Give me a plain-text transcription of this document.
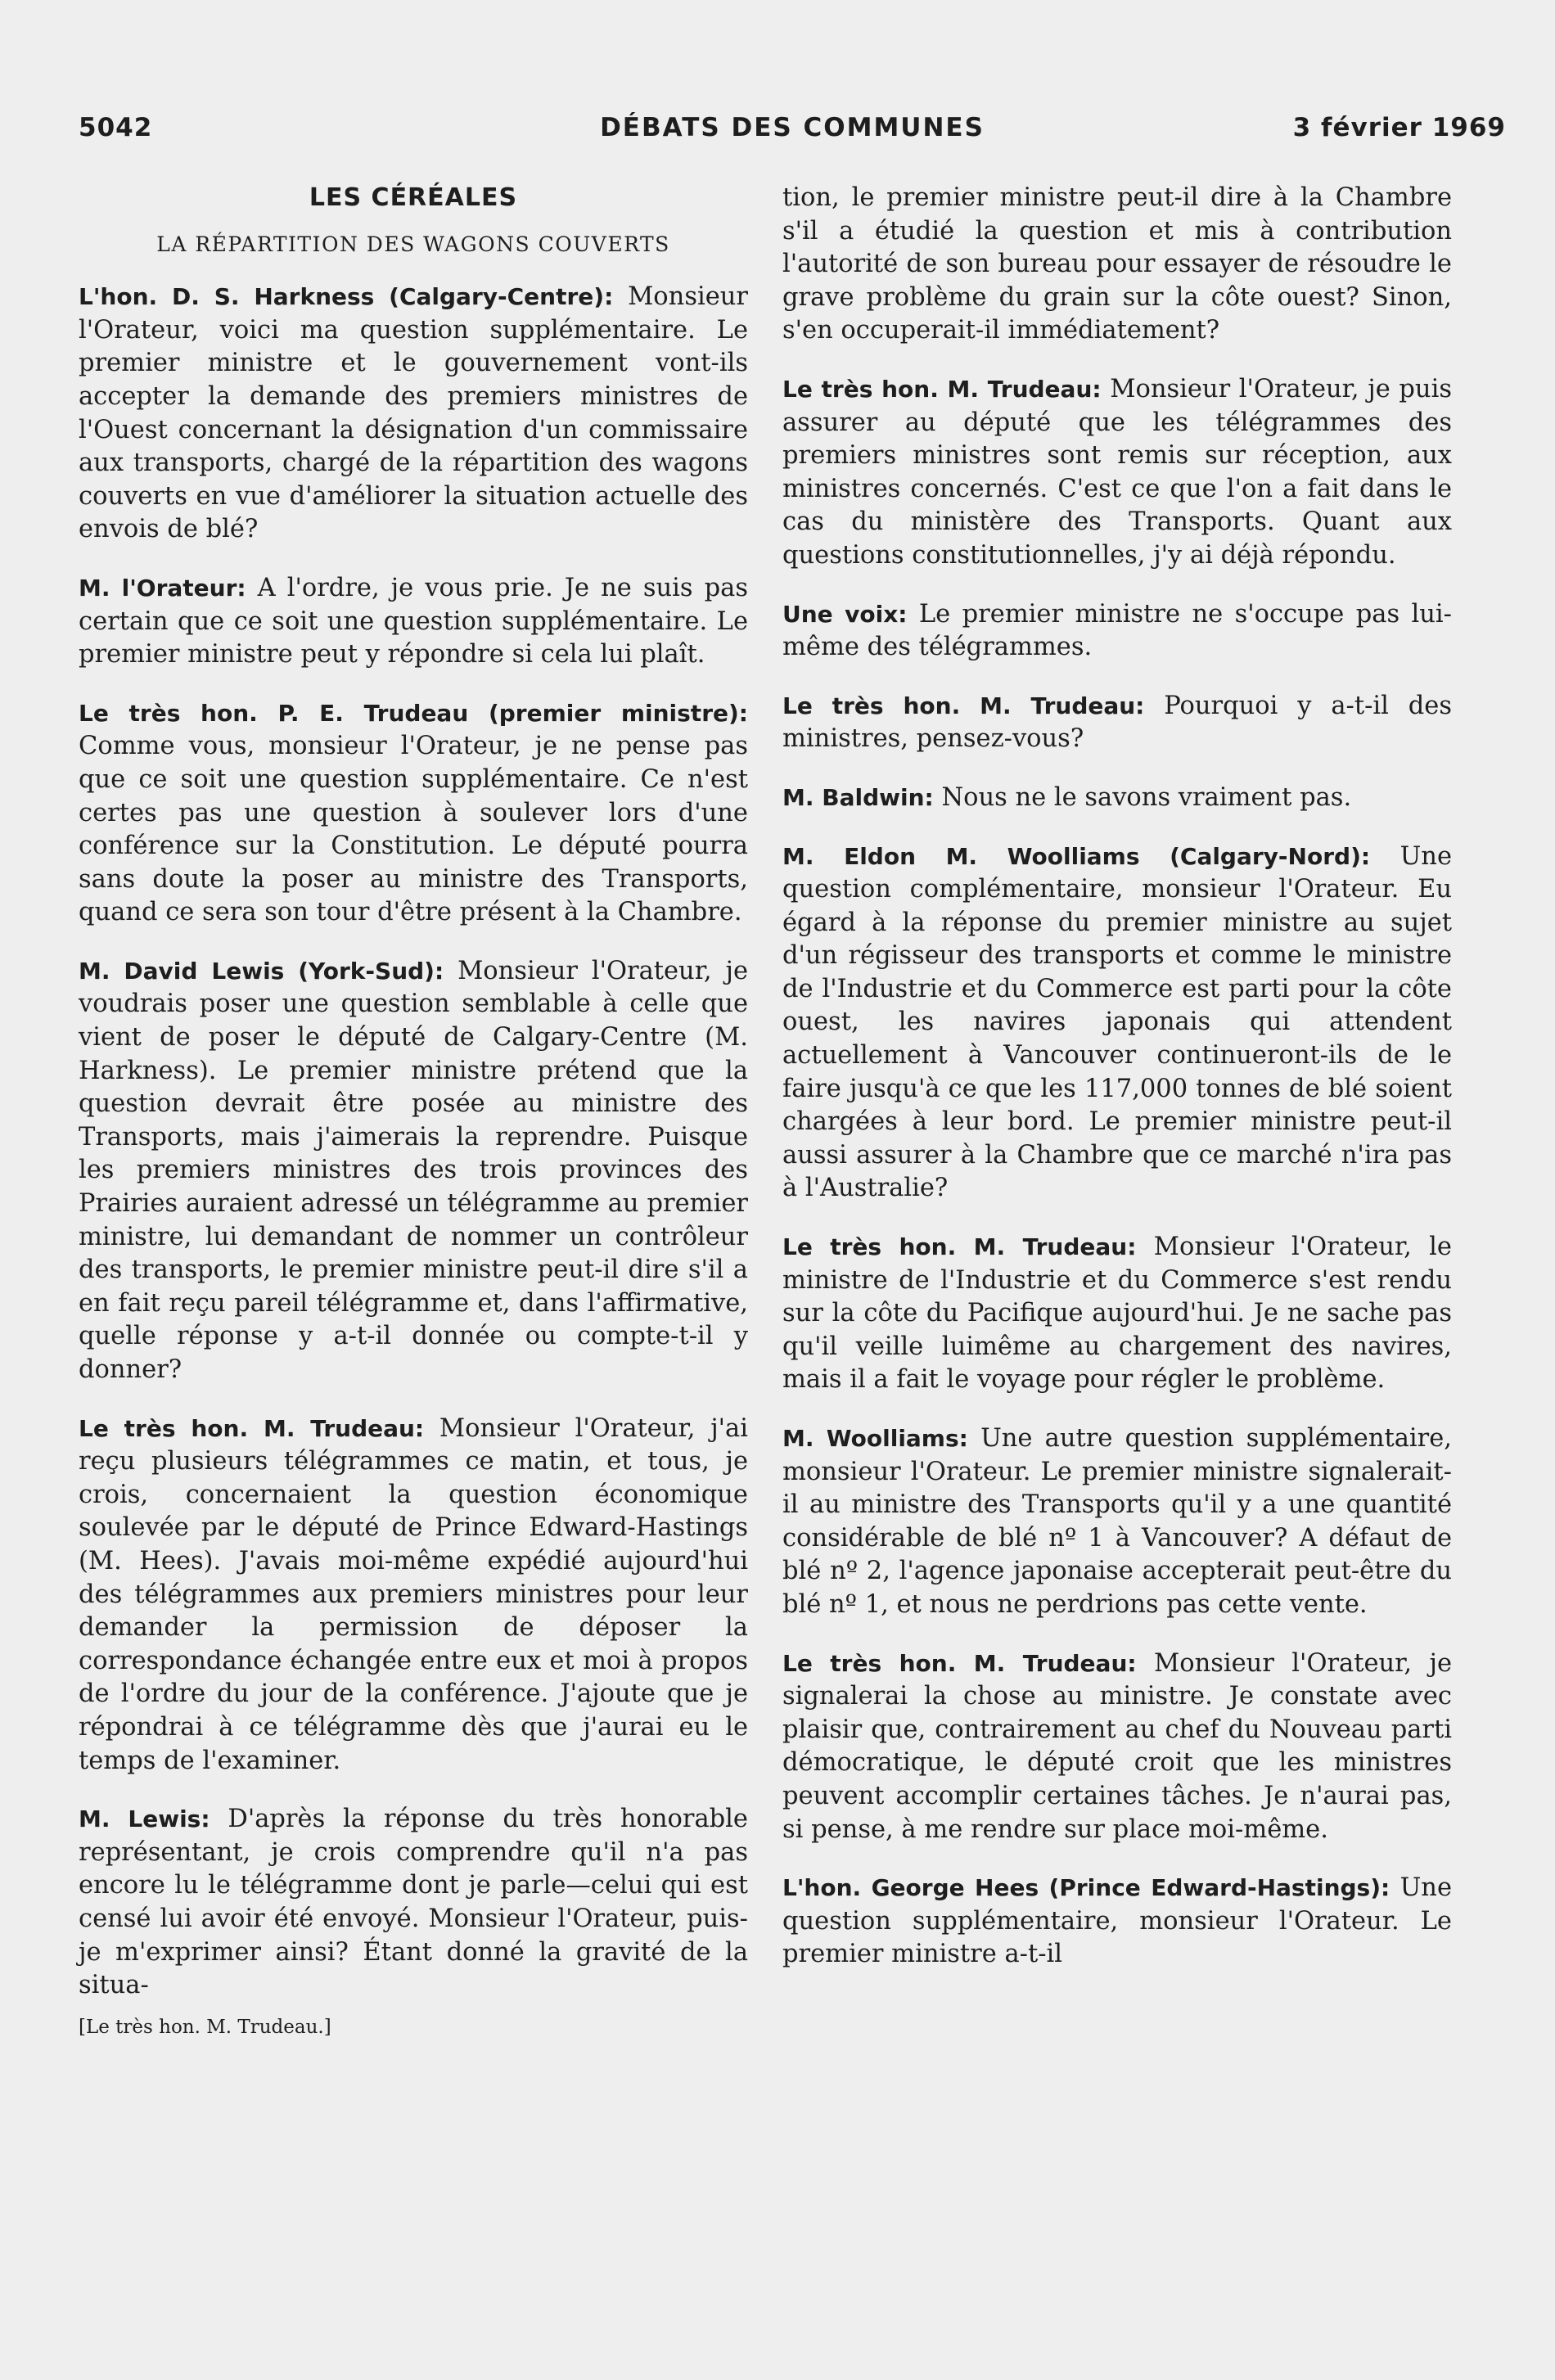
5042	DÉBATS DES COMMUNES	3 février 1969
LES CÉRÉALES
LA RÉPARTITION DES WAGONS COUVERTS

L'hon. D. S. Harkness (Calgary-Centre): Monsieur l'Orateur, voici ma question supplémentaire. Le premier ministre et le gouvernement vont-ils accepter la demande des premiers ministres de l'Ouest concernant la désignation d'un commissaire aux transports, chargé de la répartition des wagons couverts en vue d'améliorer la situation actuelle des envois de blé?

M. l'Orateur: A l'ordre, je vous prie. Je ne suis pas certain que ce soit une question supplémentaire. Le premier ministre peut y répondre si cela lui plaît.

Le très hon. P. E. Trudeau (premier ministre): Comme vous, monsieur l'Orateur, je ne pense pas que ce soit une question supplémentaire. Ce n'est certes pas une question à soulever lors d'une conférence sur la Constitution. Le député pourra sans doute la poser au ministre des Transports, quand ce sera son tour d'être présent à la Chambre.

M. David Lewis (York-Sud): Monsieur l'Orateur, je voudrais poser une question semblable à celle que vient de poser le député de Calgary-Centre (M. Harkness). Le premier ministre prétend que la question devrait être posée au ministre des Transports, mais j'aimerais la reprendre. Puisque les premiers ministres des trois provinces des Prairies auraient adressé un télégramme au premier ministre, lui demandant de nommer un contrôleur des transports, le premier ministre peut-il dire s'il a en fait reçu pareil télégramme et, dans l'affirmative, quelle réponse y a-t-il donnée ou compte-t-il y donner?

Le très hon. M. Trudeau: Monsieur l'Orateur, j'ai reçu plusieurs télégrammes ce matin, et tous, je crois, concernaient la question économique soulevée par le député de Prince Edward-Hastings (M. Hees). J'avais moi-même expédié aujourd'hui des télégrammes aux premiers ministres pour leur demander la permission de déposer la correspondance échangée entre eux et moi à propos de l'ordre du jour de la conférence. J'ajoute que je répondrai à ce télégramme dès que j'aurai eu le temps de l'examiner.

M. Lewis: D'après la réponse du très honorable représentant, je crois comprendre qu'il n'a pas encore lu le télégramme dont je parle—celui qui est censé lui avoir été envoyé. Monsieur l'Orateur, puis-je m'exprimer ainsi? Étant donné la gravité de la situa-

[Le très hon. M. Trudeau.]

tion, le premier ministre peut-il dire à la Chambre s'il a étudié la question et mis à contribution l'autorité de son bureau pour essayer de résoudre le grave problème du grain sur la côte ouest? Sinon, s'en occuperait-il immédiatement?

Le très hon. M. Trudeau: Monsieur l'Orateur, je puis assurer au député que les télégrammes des premiers ministres sont remis sur réception, aux ministres concernés. C'est ce que l'on a fait dans le cas du ministère des Transports. Quant aux questions constitutionnelles, j'y ai déjà répondu.

Une voix: Le premier ministre ne s'occupe pas lui-même des télégrammes.

Le très hon. M. Trudeau: Pourquoi y a-t-il des ministres, pensez-vous?

M. Baldwin: Nous ne le savons vraiment pas.

M. Eldon M. Woolliams (Calgary-Nord): Une question complémentaire, monsieur l'Orateur. Eu égard à la réponse du premier ministre au sujet d'un régisseur des transports et comme le ministre de l'Industrie et du Commerce est parti pour la côte ouest, les navires japonais qui attendent actuellement à Vancouver continueront-ils de le faire jusqu'à ce que les 117,000 tonnes de blé soient chargées à leur bord. Le premier ministre peut-il aussi assurer à la Chambre que ce marché n'ira pas à l'Australie?

Le très hon. M. Trudeau: Monsieur l'Orateur, le ministre de l'Industrie et du Commerce s'est rendu sur la côte du Pacifique aujourd'hui. Je ne sache pas qu'il veille luimême au chargement des navires, mais il a fait le voyage pour régler le problème.

M. Woolliams: Une autre question supplémentaire, monsieur l'Orateur. Le premier ministre signalerait-il au ministre des Transports qu'il y a une quantité considérable de blé nº 1 à Vancouver? A défaut de blé nº 2, l'agence japonaise accepterait peut-être du blé nº 1, et nous ne perdrions pas cette vente.

Le très hon. M. Trudeau: Monsieur l'Orateur, je signalerai la chose au ministre. Je constate avec plaisir que, contrairement au chef du Nouveau parti démocratique, le député croit que les ministres peuvent accomplir certaines tâches. Je n'aurai pas, si pense, à me rendre sur place moi-même.

L'hon. George Hees (Prince Edward-Hastings): Une question supplémentaire, monsieur l'Orateur. Le premier ministre a-t-il
